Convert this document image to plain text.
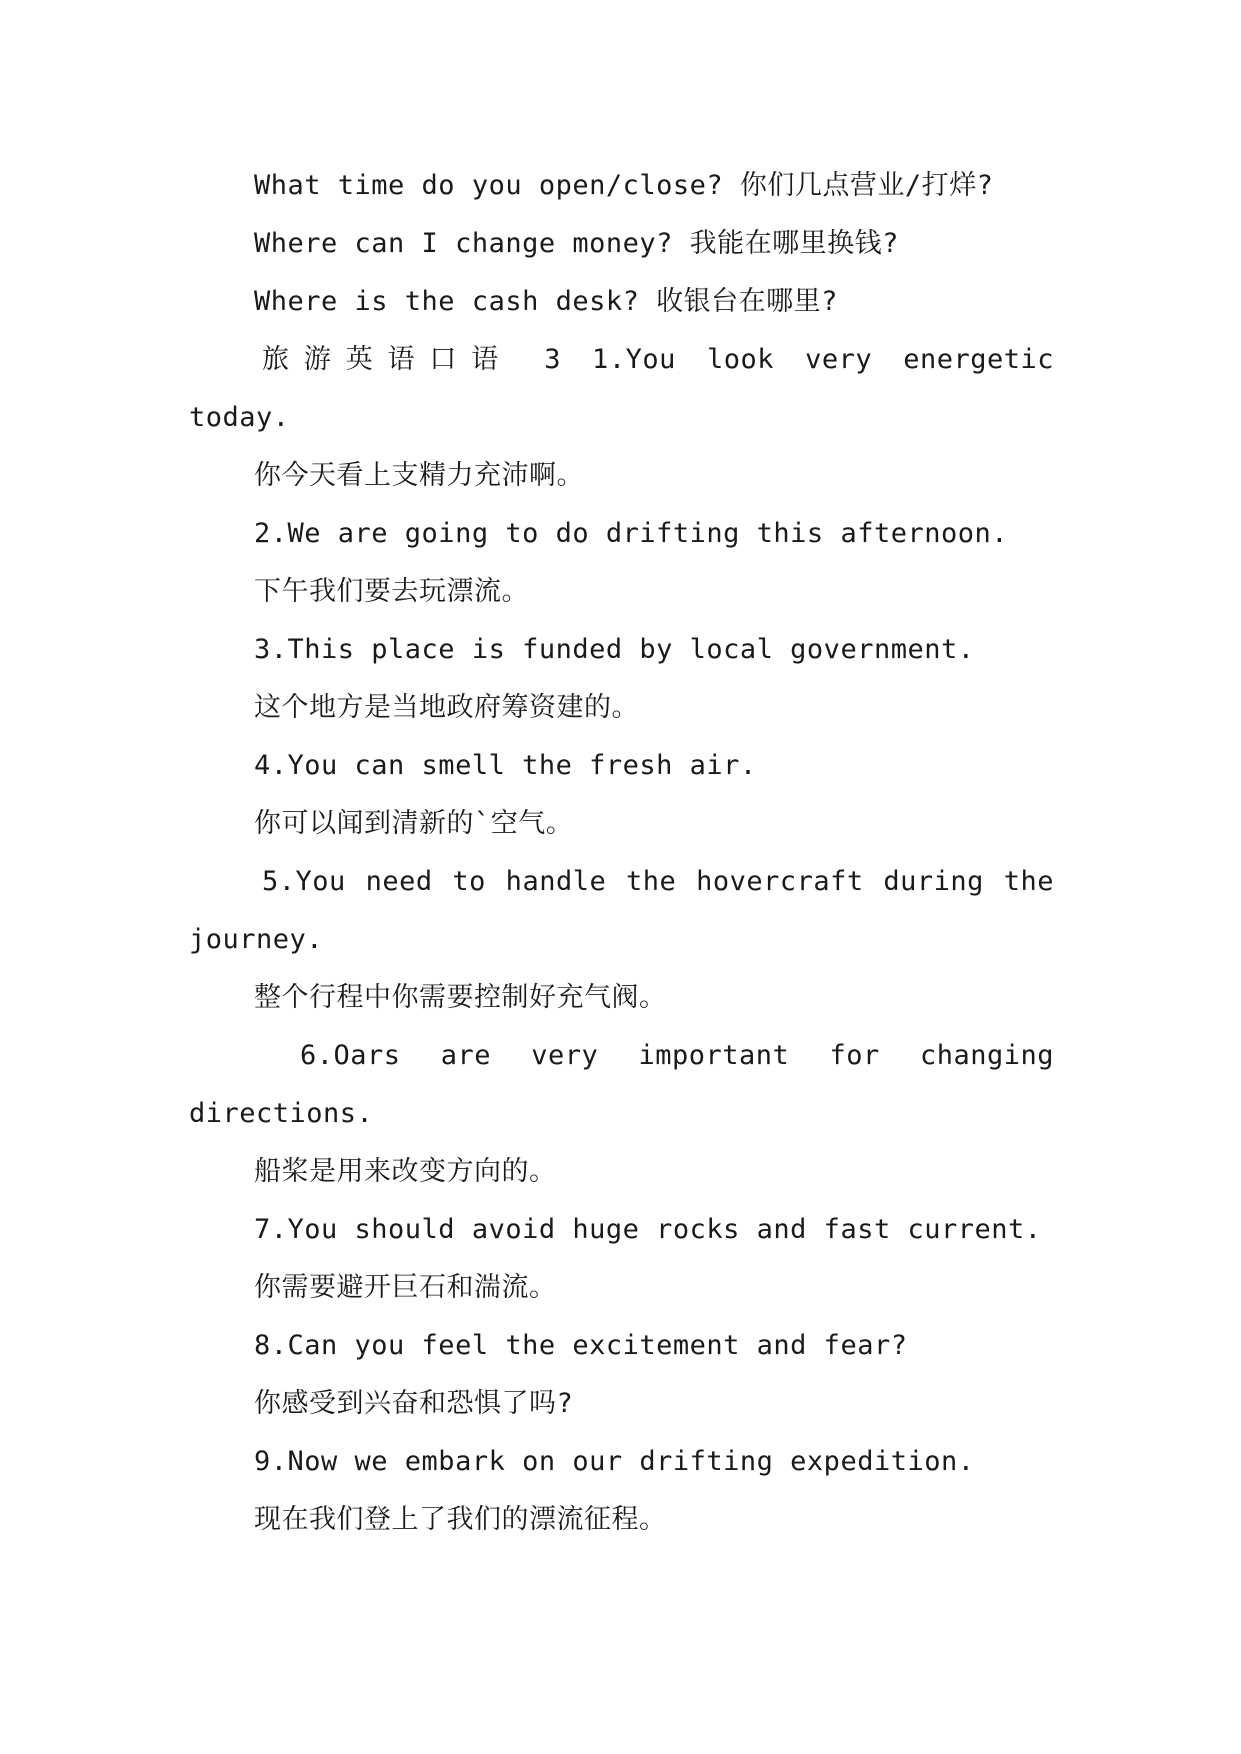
What time do you open/close? 你们几点营业/打烊?
Where can I change money? 我能在哪里换钱?
Where is the cash desk? 收银台在哪里?
旅游英语口语 3 1.You look very energetic
today.
你今天看上支精力充沛啊。
2.We are going to do drifting this afternoon.
下午我们要去玩漂流。
3.This place is funded by local government.
这个地方是当地政府筹资建的。
4.You can smell the fresh air.
你可以闻到清新的`空气。
5.You need to handle the hovercraft during the
journey.
整个行程中你需要控制好充气阀。
6.Oars are very important for changing
directions.
船桨是用来改变方向的。
7.You should avoid huge rocks and fast current.
你需要避开巨石和湍流。
8.Can you feel the excitement and fear?
你感受到兴奋和恐惧了吗?
9.Now we embark on our drifting expedition.
现在我们登上了我们的漂流征程。
